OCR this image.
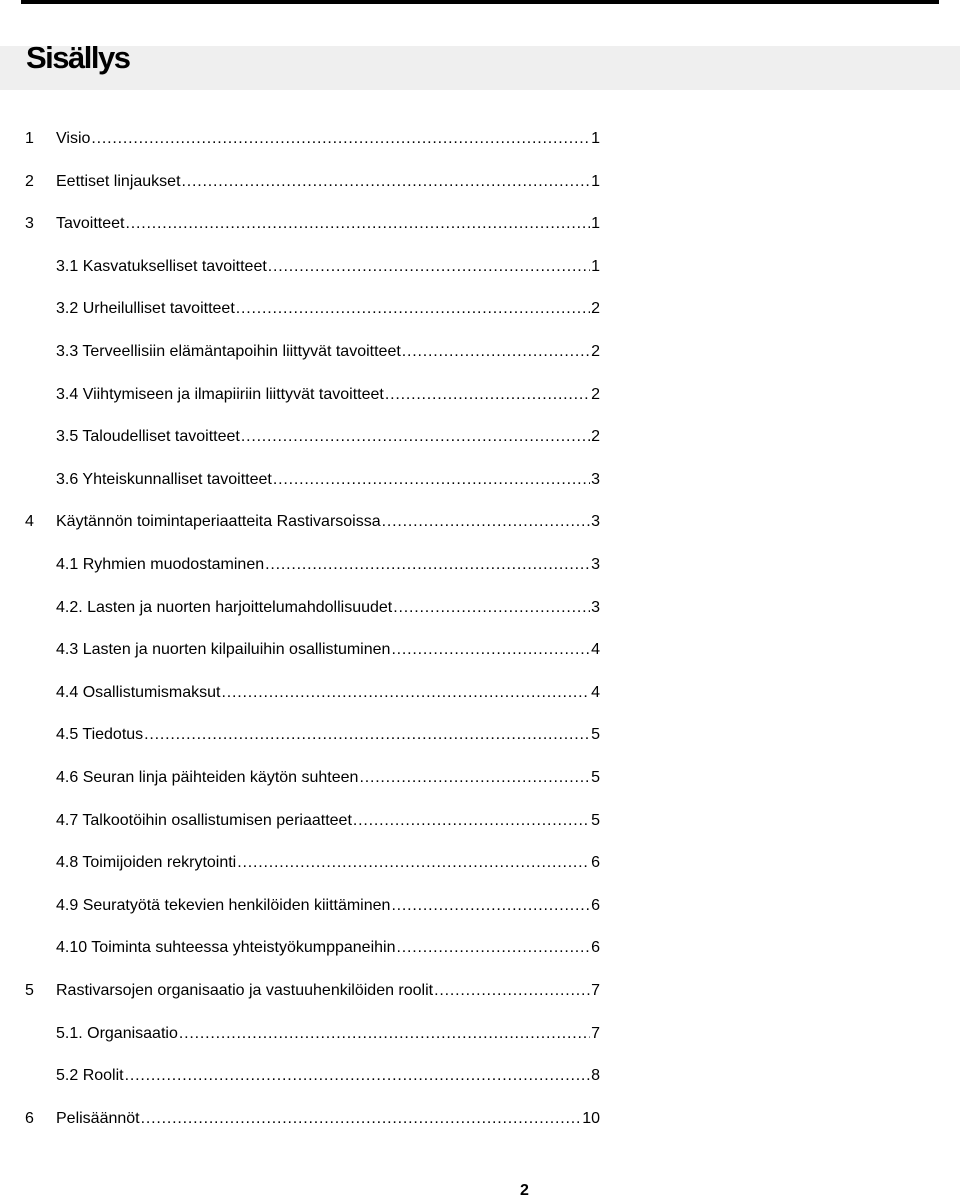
Sisällys
1 Visio .....	1
2 Eettiset linjaukset .....	1
3 Tavoitteet .....	1
3.1 Kasvatukselliset tavoitteet .....	1
3.2 Urheilulliset tavoitteet .....	2
3.3 Terveellisiin elämäntapoihin liittyvät tavoitteet .....	2
3.4 Viihtymiseen ja ilmapiiriin liittyvät tavoitteet .....	2
3.5 Taloudelliset tavoitteet .....	2
3.6 Yhteiskunnalliset tavoitteet .....	3
4 Käytännön toimintaperiaatteita Rastivarsoissa .....	3
4.1 Ryhmien muodostaminen .....	3
4.2. Lasten ja nuorten harjoittelumahdollisuudet .....	3
4.3 Lasten ja nuorten kilpailuihin osallistuminen .....	4
4.4 Osallistumismaksut .....	4
4.5 Tiedotus .....	5
4.6 Seuran linja päihteiden käytön suhteen .....	5
4.7 Talkootöihin osallistumisen periaatteet .....	5
4.8 Toimijoiden rekrytointi .....	6
4.9 Seuratyötä tekevien henkilöiden kiittäminen .....	6
4.10 Toiminta suhteessa yhteistyökumppaneihin .....	6
5 Rastivarsojen organisaatio ja vastuuhenkilöiden roolit .....	7
5.1. Organisaatio .....	7
5.2 Roolit .....	8
6 Pelisäännöt .....	10
2
